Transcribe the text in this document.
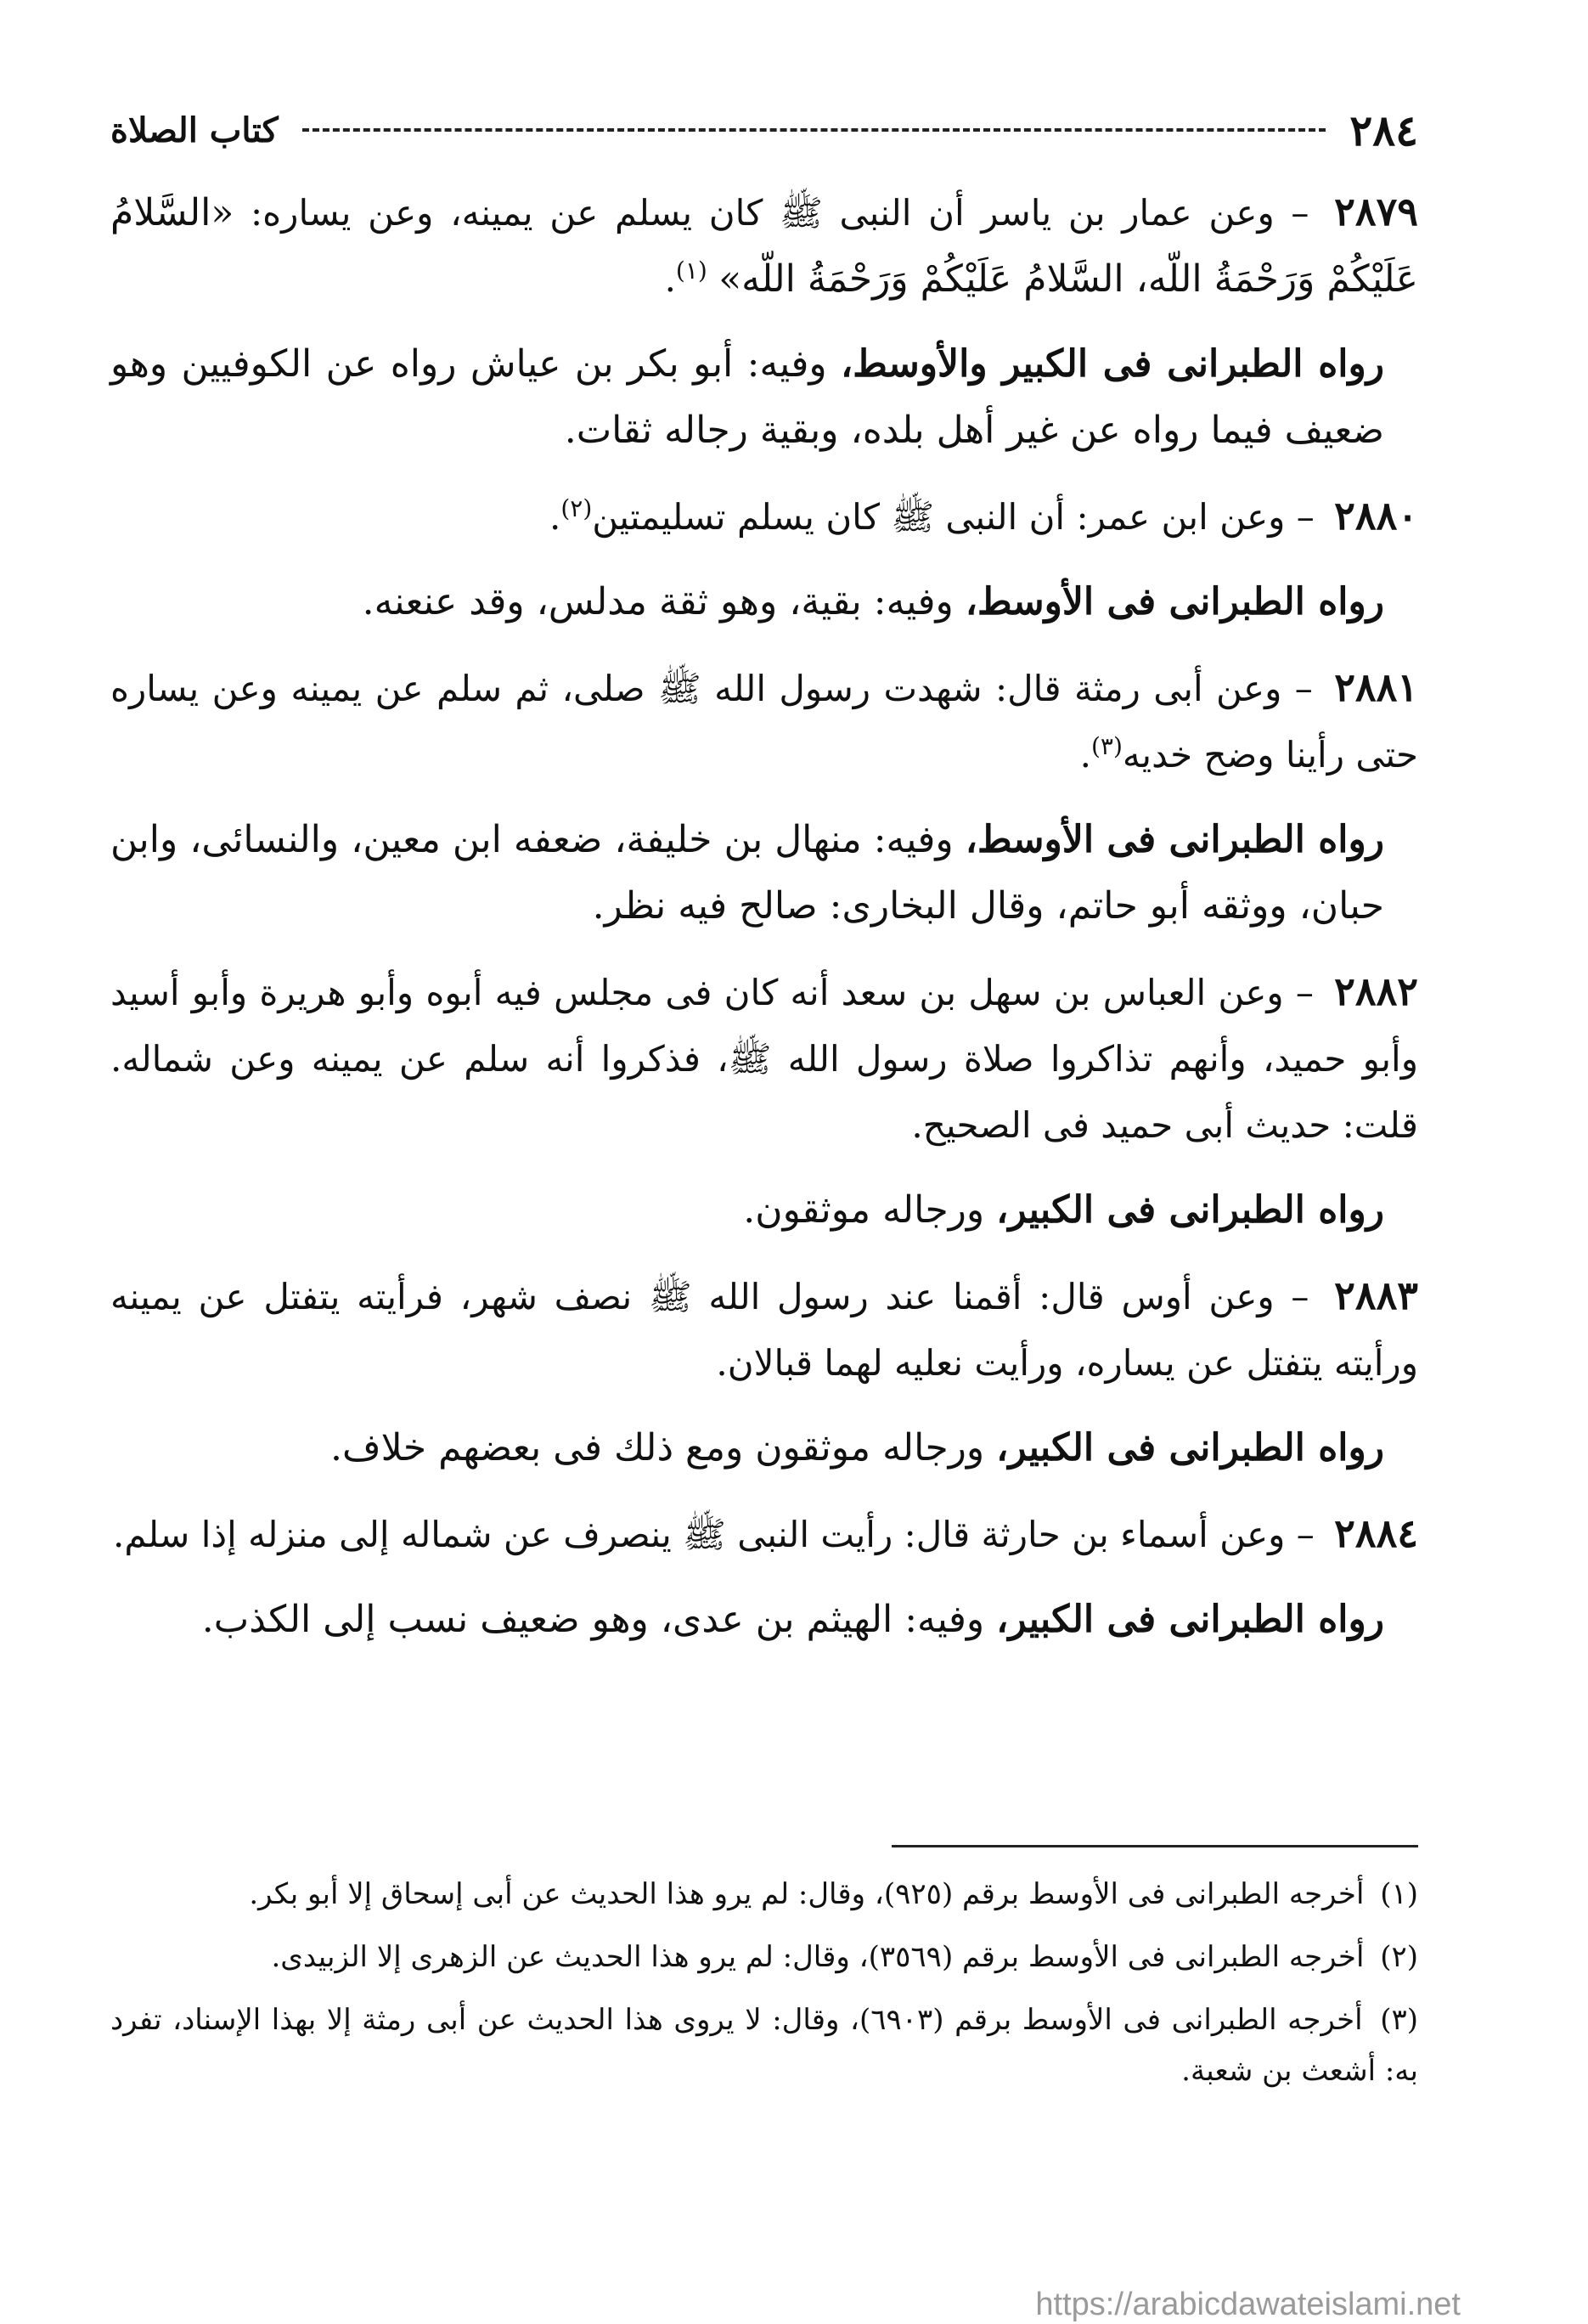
٢٨٤
كتاب الصلاة

٢٨٧٩ – وعن عمار بن ياسر أن النبى ﷺ كان يسلم عن يمينه، وعن يساره: «السَّلامُ عَلَيْكُمْ وَرَحْمَةُ اللّه، السَّلامُ عَلَيْكُمْ وَرَحْمَةُ اللّه» $^{(١)}$.

رواه الطبرانى فى الكبير والأوسط، وفيه: أبو بكر بن عياش رواه عن الكوفيين وهو ضعيف فيما رواه عن غير أهل بلده، وبقية رجاله ثقات.

٢٨٨٠ – وعن ابن عمر: أن النبى ﷺ كان يسلم تسليمتين$^{(٢)}$.

رواه الطبرانى فى الأوسط، وفيه: بقية، وهو ثقة مدلس، وقد عنعنه.

٢٨٨١ – وعن أبى رمثة قال: شهدت رسول الله ﷺ صلى، ثم سلم عن يمينه وعن يساره حتى رأينا وضح خديه$^{(٣)}$.

رواه الطبرانى فى الأوسط، وفيه: منهال بن خليفة، ضعفه ابن معين، والنسائى، وابن حبان، ووثقه أبو حاتم، وقال البخارى: صالح فيه نظر.

٢٨٨٢ – وعن العباس بن سهل بن سعد أنه كان فى مجلس فيه أبوه وأبو هريرة وأبو أسيد وأبو حميد، وأنهم تذاكروا صلاة رسول الله ﷺ، فذكروا أنه سلم عن يمينه وعن شماله. قلت: حديث أبى حميد فى الصحيح.

رواه الطبرانى فى الكبير، ورجاله موثقون.

٢٨٨٣ – وعن أوس قال: أقمنا عند رسول الله ﷺ نصف شهر، فرأيته يتفتل عن يمينه ورأيته يتفتل عن يساره، ورأيت نعليه لهما قبالان.

رواه الطبرانى فى الكبير، ورجاله موثقون ومع ذلك فى بعضهم خلاف.

٢٨٨٤ – وعن أسماء بن حارثة قال: رأيت النبى ﷺ ينصرف عن شماله إلى منزله إذا سلم.

رواه الطبرانى فى الكبير، وفيه: الهيثم بن عدى، وهو ضعيف نسب إلى الكذب.

(١) أخرجه الطبرانى فى الأوسط برقم (٩٢٥)، وقال: لم يرو هذا الحديث عن أبى إسحاق إلا أبو بكر.

(٢) أخرجه الطبرانى فى الأوسط برقم (٣٥٦٩)، وقال: لم يرو هذا الحديث عن الزهرى إلا الزبيدى.

(٣) أخرجه الطبرانى فى الأوسط برقم (٦٩٠٣)، وقال: لا يروى هذا الحديث عن أبى رمثة إلا بهذا الإسناد، تفرد به: أشعث بن شعبة.

https://arabicdawateislami.net
